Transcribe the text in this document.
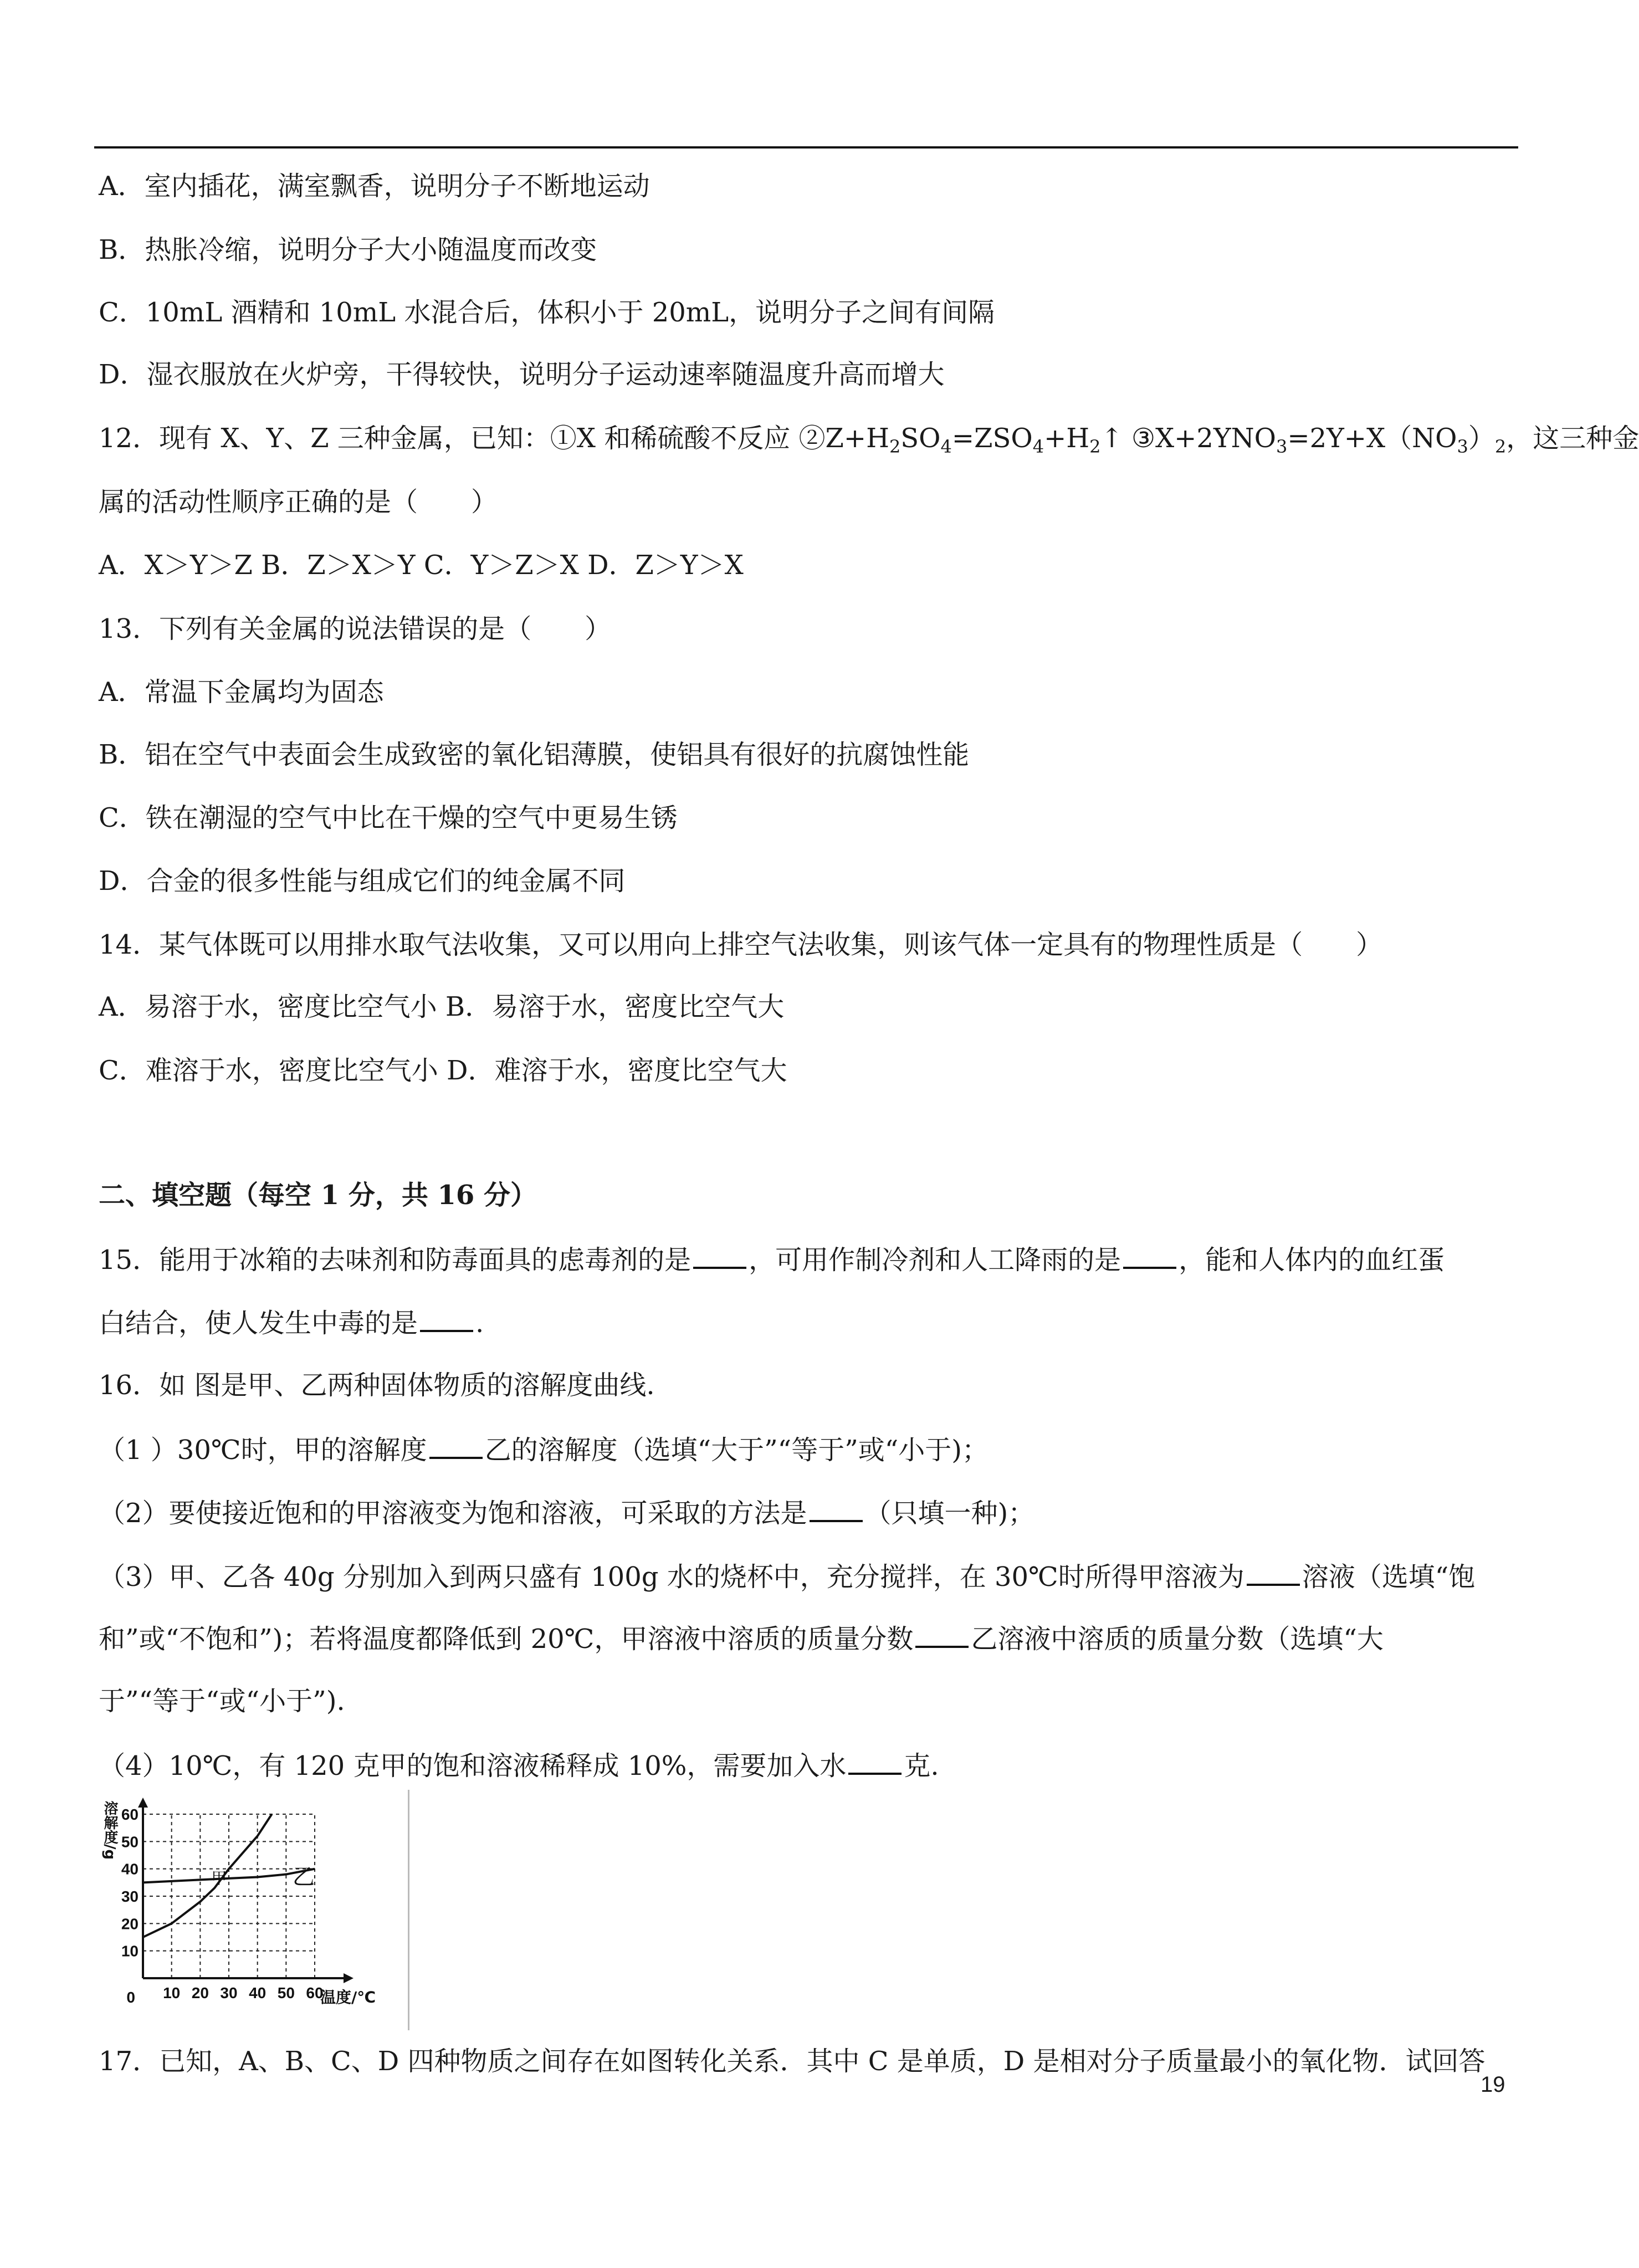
A．室内插花，满室飘香，说明分子不断地运动
B．热胀冷缩，说明分子大小随温度而改变
C．10mL 酒精和 10mL 水混合后，体积小于 20mL，说明分子之间有间隔
D．湿衣服放在火炉旁，干得较快，说明分子运动速率随温度升高而增大
12．现有 X、Y、Z 三种金属，已知：①X 和稀硫酸不反应 $②Z+H_2SO_4=ZSO_4+H_2↑$ $③X+2YNO_3=2Y+X(NO_3)_2$，这三种金
属的活动性顺序正确的是（　　）
A．X＞Y＞Z B．Z＞X＞Y C．Y＞Z＞X D．Z＞Y＞X
13．下列有关金属的说法错误的是（　　）
A．常温下金属均为固态
B．铝在空气中表面会生成致密的氧化铝薄膜，使铝具有很好的抗腐蚀性能
C．铁在潮湿的空气中比在干燥的空气中更易生锈
D．合金的很多性能与组成它们的纯金属不同
14．某气体既可以用排水取气法收集，又可以用向上排空气法收集，则该气体一定具有的物理性质是（　　）
A．易溶于水，密度比空气小 B．易溶于水，密度比空气大
C．难溶于水，密度比空气小 D．难溶于水，密度比空气大
二、填空题（每空 1 分，共 16 分）
15．能用于冰箱的去味剂和防毒面具的虑毒剂的是 ，可用作制冷剂和人工降雨的是 ，能和人体内的血红蛋
白结合，使人发生中毒的是 .
16．如 图是甲、乙两种固体物质的溶解度曲线.
（1 ）30℃时，甲的溶解度 乙的溶解度（选填“大于”“等于”或“小于)；
（2）要使接近饱和的甲溶液变为饱和溶液，可采取的方法是 （只填一种)；
（3）甲、乙各 40g 分别加入到两只盛有 100g 水的烧杯中，充分搅拌，在 30℃时所得甲溶液为 溶液（选填“饱
和”或“不饱和”)；若将温度都降低到 20℃，甲溶液中溶质的质量分数 乙溶液中溶质的质量分数（选填“大
于”“等于“或“小于”).
（4）10℃，有 120 克甲的饱和溶液稀释成 10%，需要加入水 克.
10
20
30
40
50
60
10 20 30 40 50 60
0
溶解度/g
温度/℃
甲	乙
17．已知，A、B、C、D 四种物质之间存在如图转化关系．其中 C 是单质，D 是相对分子质量最小的氧化物．试回答
19
